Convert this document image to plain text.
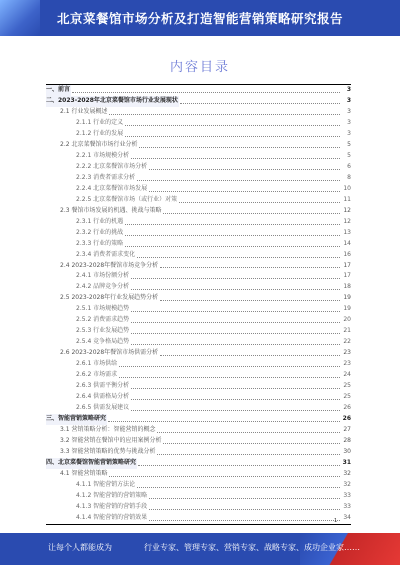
北京菜餐馆市场分析及打造智能营销策略研究报告
内容目录
一、前言	3
二、2023-2028年北京菜餐馆市场行业发展现状	3
2.1 行业发展概述	3
2.1.1 行业的定义	3
2.1.2 行业的发展	3
2.2 北京菜餐馆市场行业分析	5
2.2.1 市场规模分析	5
2.2.2 北京菜餐馆市场分析	6
2.2.3 消费者需求分析	8
2.2.4 北京菜餐馆市场发展	10
2.2.5 北京菜餐馆市场（或行业）对策	11
2.3 餐馆市场发展的机遇、挑战与策略	12
2.3.1 行业的机遇	12
2.3.2 行业的挑战	13
2.3.3 行业的策略	14
2.3.4 消费者需求变化	16
2.4 2023-2028年餐馆市场竞争分析	17
2.4.1 市场份额分析	17
2.4.2 品牌竞争分析	18
2.5 2023-2028年行业发展趋势分析	19
2.5.1 市场规模趋势	19
2.5.2 消费需求趋势	20
2.5.3 行业发展趋势	21
2.5.4 竞争格局趋势	22
2.6 2023-2028年餐馆市场供需分析	23
2.6.1 市场供给	23
2.6.2 市场需求	24
2.6.3 供需平衡分析	25
2.6.4 供需格局分析	25
2.6.5 供需发展建议	26
三、智能营销策略研究	26
3.1 营销策略分析：智能营销的概念	27
3.2 智能营销在餐馆中的应用案例分析	28
3.3 智能营销策略的优势与挑战分析	30
四、北京菜餐馆智能营销策略研究	31
4.1 智能营销策略	32
4.1.1 智能营销方法论	32
4.1.2 智能营销的营销策略	33
4.1.3 智能营销的营销手段	33
4.1.4 智能营销的营销效果	34
1
让每个人都能成为	行业专家、管理专家、营销专家、战略专家、成功企业家……
